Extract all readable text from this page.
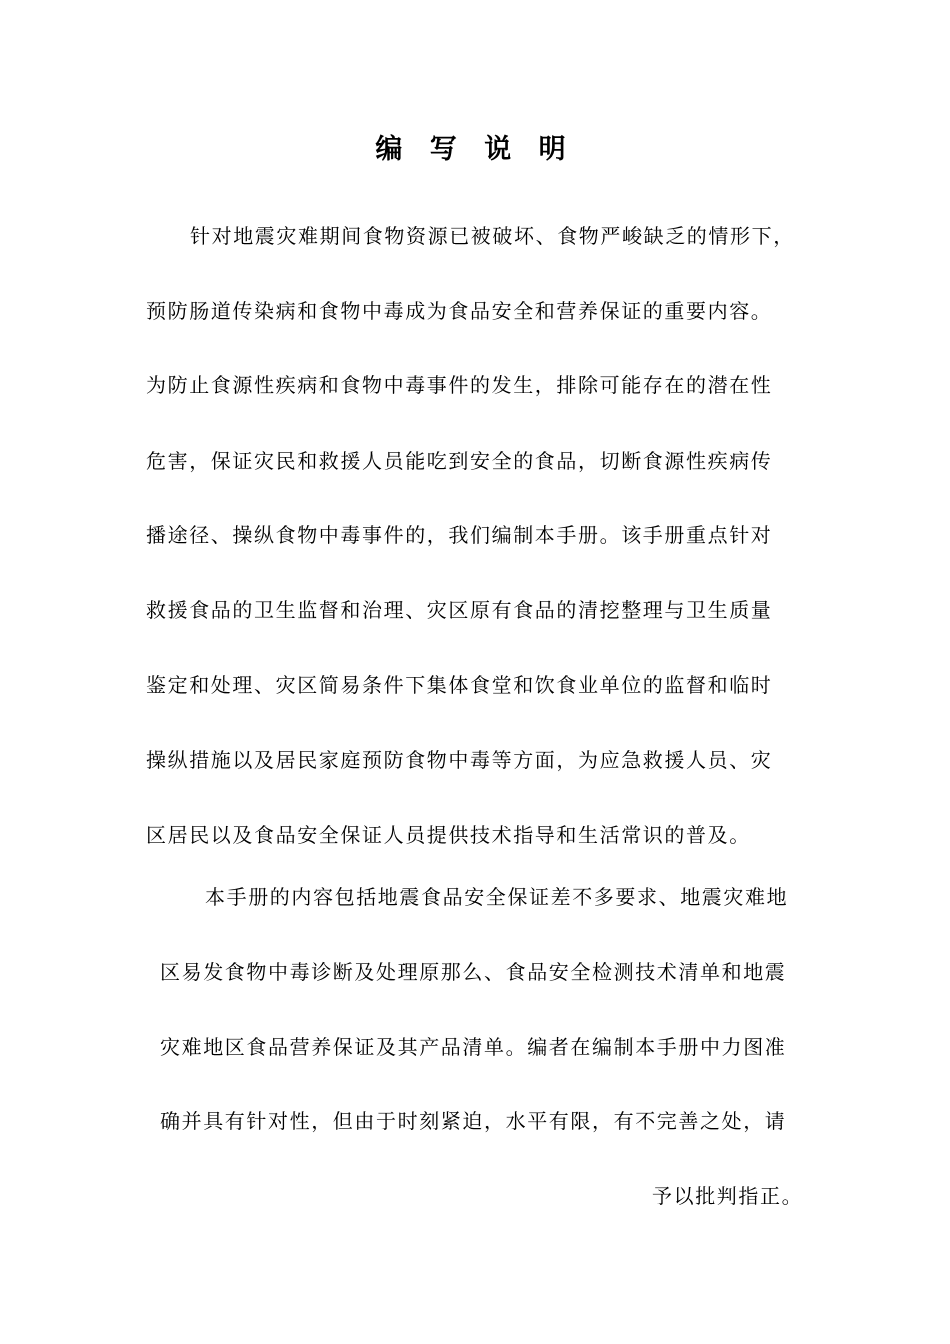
编 写 说 明
针对地震灾难期间食物资源已被破坏、食物严峻缺乏的情形下，
预防肠道传染病和食物中毒成为食品安全和营养保证的重要内容。
为防止食源性疾病和食物中毒事件的发生，排除可能存在的潜在性
危害，保证灾民和救援人员能吃到安全的食品，切断食源性疾病传
播途径、操纵食物中毒事件的，我们编制本手册。该手册重点针对
救援食品的卫生监督和治理、灾区原有食品的清挖整理与卫生质量
鉴定和处理、灾区简易条件下集体食堂和饮食业单位的监督和临时
操纵措施以及居民家庭预防食物中毒等方面，为应急救援人员、灾
区居民以及食品安全保证人员提供技术指导和生活常识的普及。
本手册的内容包括地震食品安全保证差不多要求、地震灾难地
区易发食物中毒诊断及处理原那么、食品安全检测技术清单和地震
灾难地区食品营养保证及其产品清单。编者在编制本手册中力图准
确并具有针对性，但由于时刻紧迫，水平有限，有不完善之处，请
予以批判指正。
